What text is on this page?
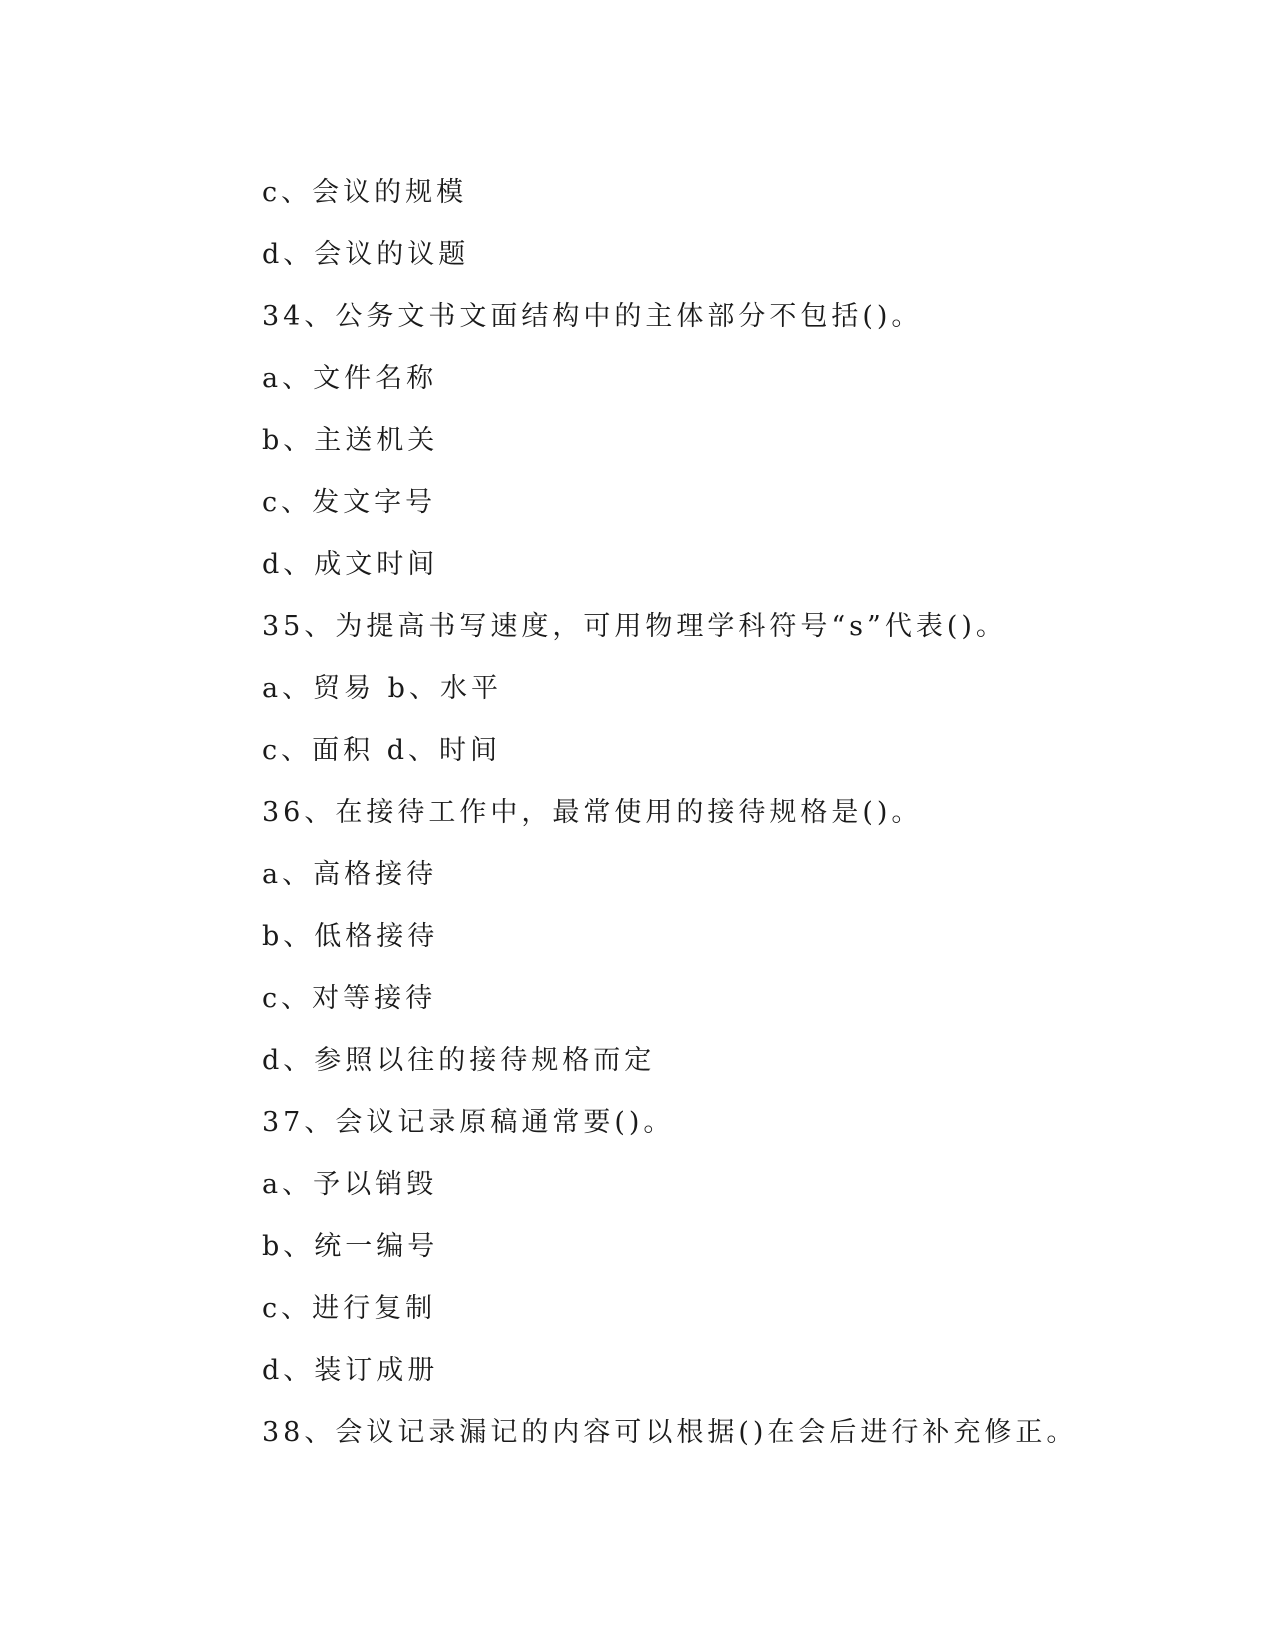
c、会议的规模
d、会议的议题
34、公务文书文面结构中的主体部分不包括()。
a、文件名称
b、主送机关
c、发文字号
d、成文时间
35、为提高书写速度，可用物理学科符号“s”代表()。
a、贸易 b、水平
c、面积 d、时间
36、在接待工作中，最常使用的接待规格是()。
a、高格接待
b、低格接待
c、对等接待
d、参照以往的接待规格而定
37、会议记录原稿通常要()。
a、予以销毁
b、统一编号
c、进行复制
d、装订成册
38、会议记录漏记的内容可以根据()在会后进行补充修正。
